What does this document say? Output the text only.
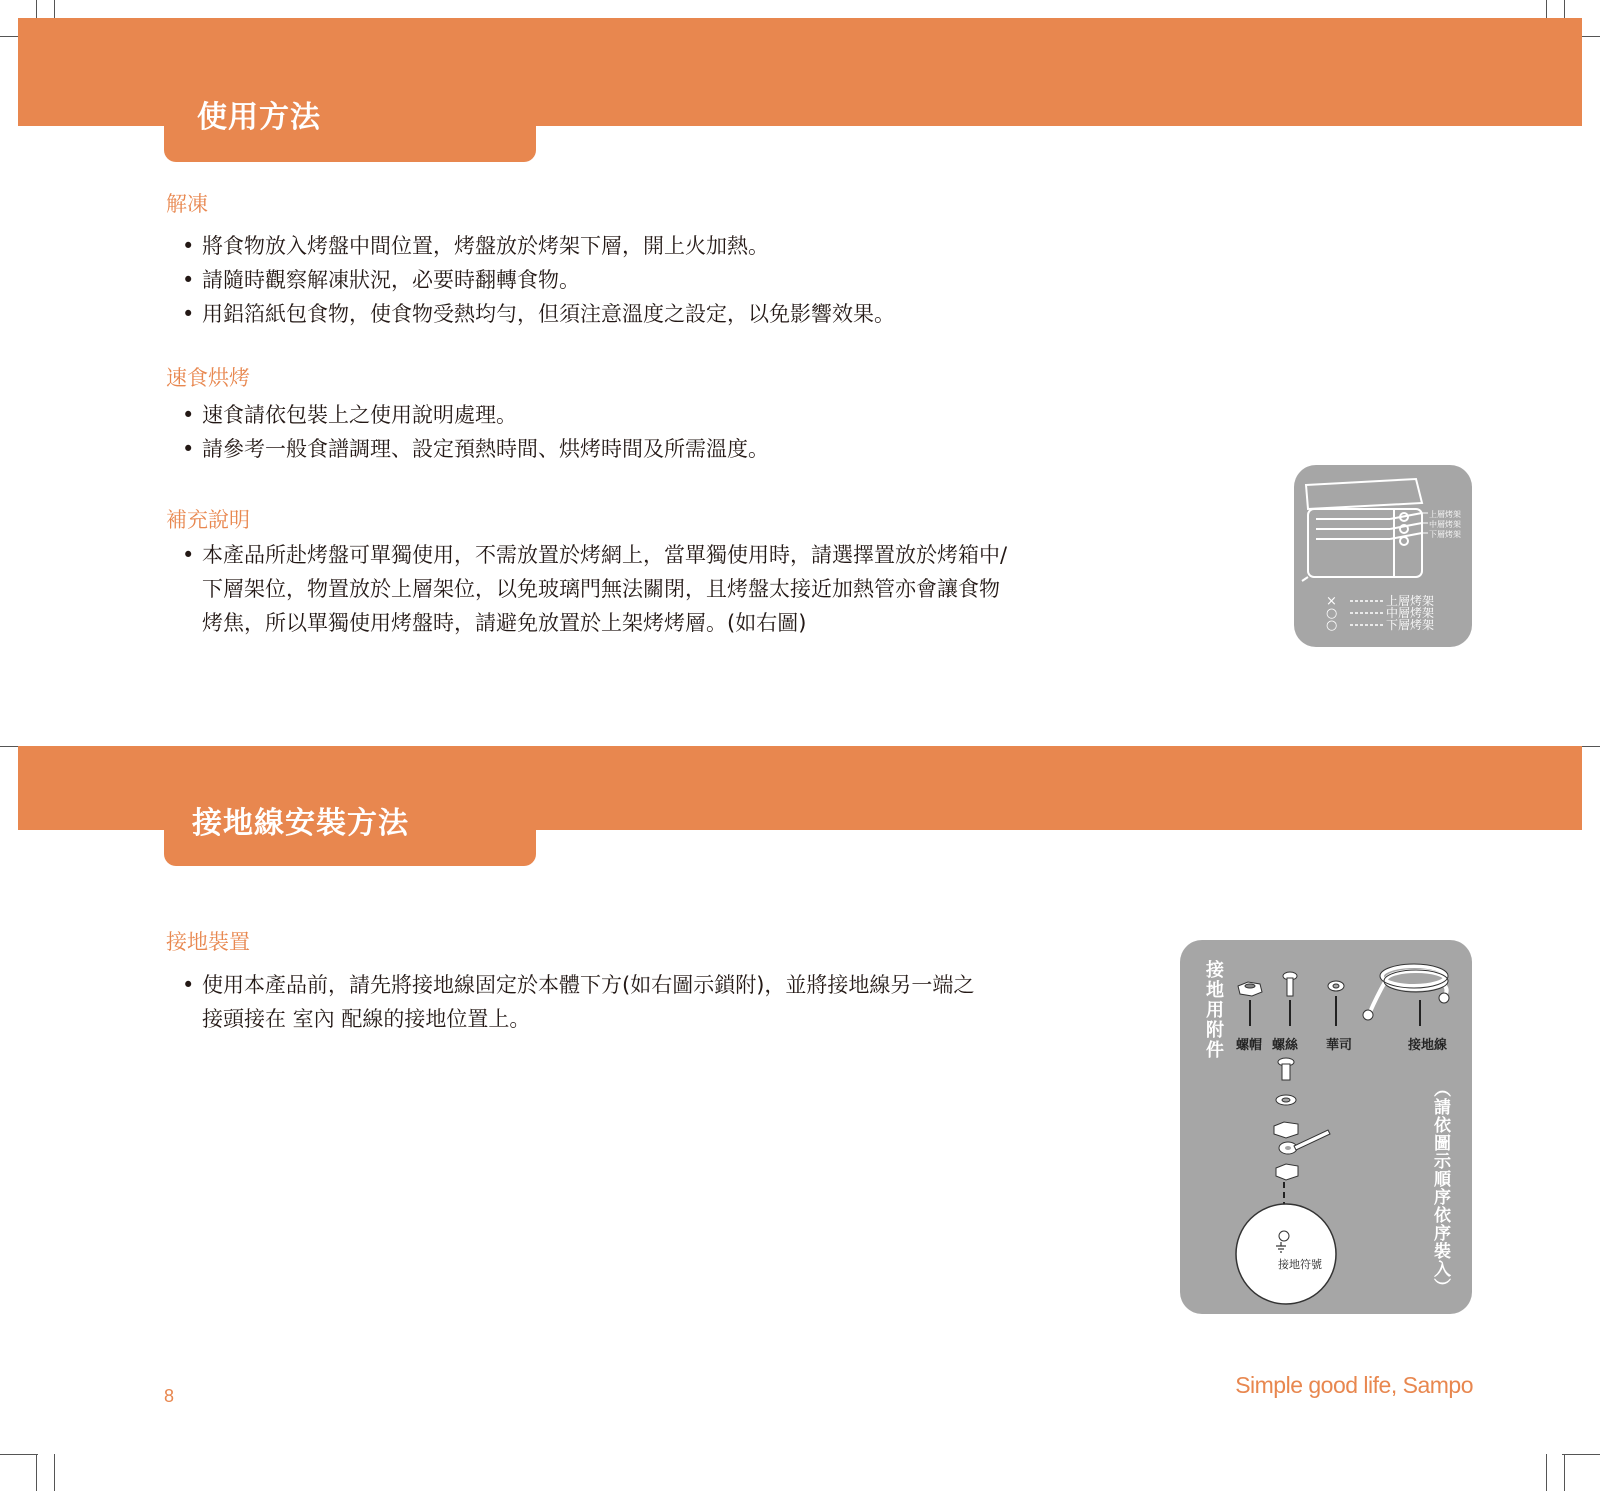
使用方法
解凍
• 將食物放入烤盤中間位置，烤盤放於烤架下層，開上火加熱。
• 請隨時觀察解凍狀況，必要時翻轉食物。
• 用鋁箔紙包食物，使食物受熱均勻，但須注意溫度之設定，以免影響效果。
速食烘烤
• 速食請依包裝上之使用說明處理。
• 請參考一般食譜調理、設定預熱時間、烘烤時間及所需溫度。
補充說明
• 本產品所赴烤盤可單獨使用，不需放置於烤網上，當單獨使用時，請選擇置放於烤箱中/下層架位，物置放於上層架位，以免玻璃門無法關閉，且烤盤太接近加熱管亦會讓食物烤焦，所以單獨使用烤盤時，請避免放置於上架烤烤層。(如右圖)
上層烤架
中層烤架
下層烤架
×
○
○
上層烤架
中層烤架
下層烤架
接地線安裝方法
接地裝置
• 使用本產品前，請先將接地線固定於本體下方(如右圖示鎖附)，並將接地線另一端之 接頭接在 室內 配線的接地位置上。	接地用附件
（請依圖示順序依序裝入）
螺帽 螺絲 華司	接地線
接地符號
8	Simple good life, Sampo
